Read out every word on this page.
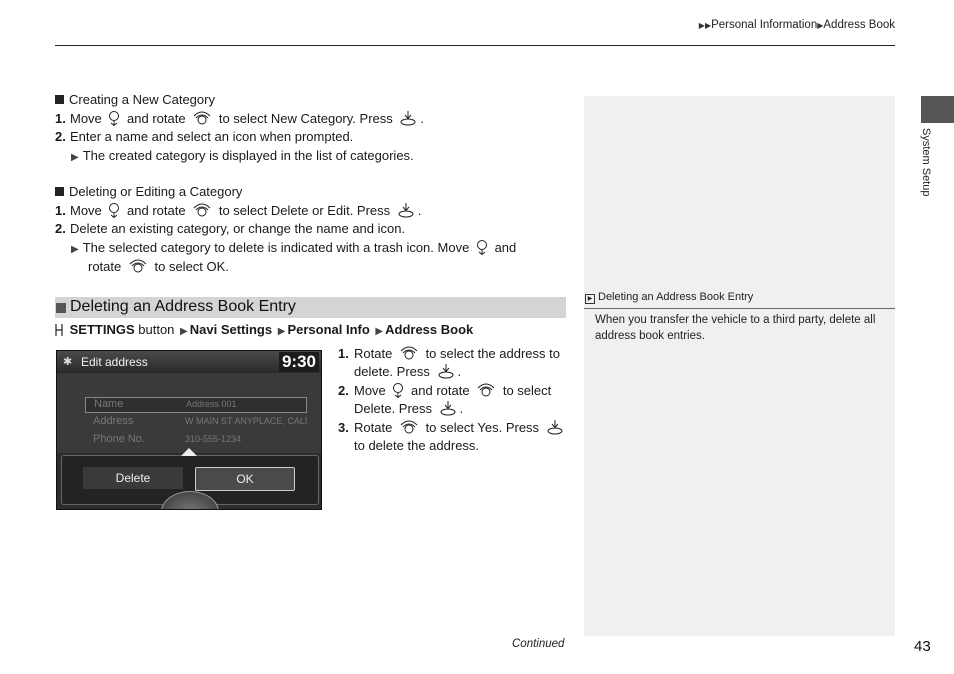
▶▶Personal Information▶Address Book
System Setup
▶ Deleting an Address Book Entry
When you transfer the vehicle to a third party, delete all address book entries.
Creating a New Category
1. Move and rotate	to select New Category. Press .
2. Enter a name and select an icon when prompted.
▶ The created category is displayed in the list of categories.
Deleting or Editing a Category
1. Move and rotate	to select Delete or Edit. Press .
2. Delete an existing category, or change the name and icon.
▶ The selected category to delete is indicated with a trash icon. Move and
rotate	to select OK.
Deleting an Address Book Entry
SETTINGS button ▶ Navi Settings ▶ Personal Info ▶ Address Book
✱ Edit address	9:30
Name	Address 001
Address	W MAIN ST ANYPLACE, CALI
Phone No.	310-555-1234
Delete	OK
1. Rotate	to select the address to delete. Press .
2. Move and rotate	to select Delete. Press .
3. Rotate	to select Yes. Press  to delete the address.
Continued	43
